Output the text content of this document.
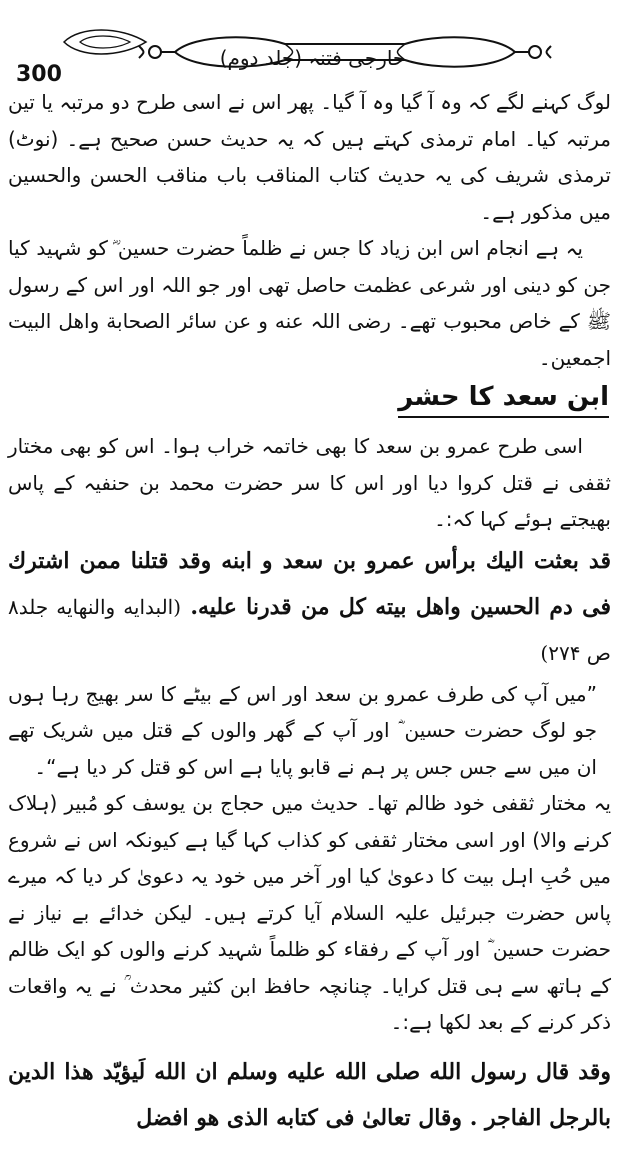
خارجی فتنہ (جلد دوم)
300

لوگ کہنے لگے کہ وہ آ گیا وہ آ گیا۔ پھر اس نے اسی طرح دو مرتبہ یا تین مرتبہ کیا۔ امام ترمذی کہتے ہیں کہ یہ حدیث حسن صحیح ہے۔ (نوٹ) ترمذی شریف کی یہ حدیث کتاب المناقب باب مناقب الحسن والحسین میں مذکور ہے۔

یہ ہے انجام اس ابن زیاد کا جس نے ظلماً حضرت حسین ؓ کو شہید کیا جن کو دینی اور شرعی عظمت حاصل تھی اور جو اللہ اور اس کے رسول ﷺ کے خاص محبوب تھے۔ رضی اللہ عنه و عن سائر الصحابة واهل البیت اجمعین۔

ابن سعد کا حشر

اسی طرح عمرو بن سعد کا بھی خاتمہ خراب ہوا۔ اس کو بھی مختار ثقفی نے قتل کروا دیا اور اس کا سر حضرت محمد بن حنفیہ کے پاس بھیجتے ہوئے کہا کہ:۔

قد بعثت الیك برأس عمرو بن سعد و ابنه وقد قتلنا ممن اشترك فی دم الحسین واهل بیته کل من قدرنا علیه. (البدایه والنهایه جلد۸ ص ۲۷۴)

”میں آپ کی طرف عمرو بن سعد اور اس کے بیٹے کا سر بھیج رہا ہوں جو لوگ حضرت حسین ؓ اور آپ کے گھر والوں کے قتل میں شریک تھے ان میں سے جس جس پر ہم نے قابو پایا ہے اس کو قتل کر دیا ہے“۔

یہ مختار ثقفی خود ظالم تھا۔ حدیث میں حجاج بن یوسف کو مُبیر (ہلاک کرنے والا) اور اسی مختار ثقفی کو کذاب کہا گیا ہے کیونکہ اس نے شروع میں حُبِ اہل بیت کا دعویٰ کیا اور آخر میں خود یہ دعویٰ کر دیا کہ میرے پاس حضرت جبرئیل علیہ السلام آیا کرتے ہیں۔ لیکن خدائے بے نیاز نے حضرت حسین ؓ اور آپ کے رفقاء کو ظلماً شہید کرنے والوں کو ایک ظالم کے ہاتھ سے ہی قتل کرایا۔ چنانچہ حافظ ابن کثیر محدث ؒ نے یہ واقعات ذکر کرنے کے بعد لکھا ہے:۔

وقد قال رسول الله صلی الله علیه وسلم ان الله لَیؤیّد هذا الدین بالرجل الفاجر . وقال تعالیٰ فی کتابه الذی هو افضل
